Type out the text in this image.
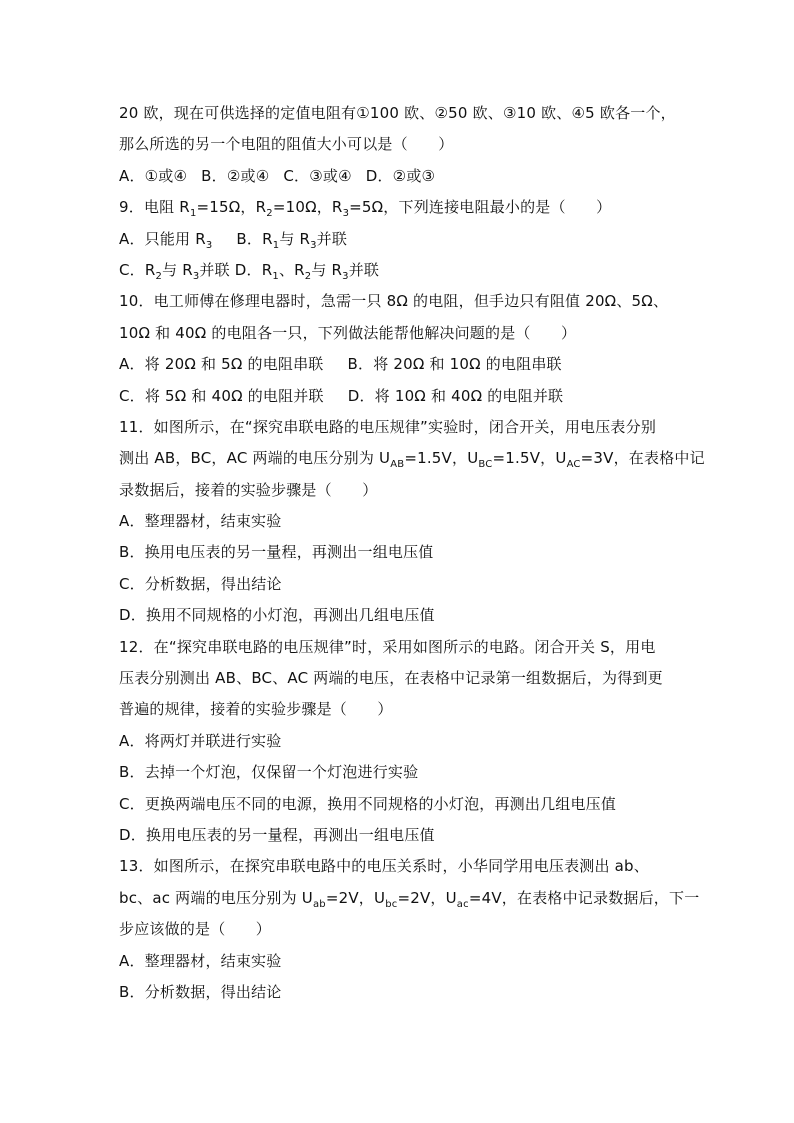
20 欧，现在可供选择的定值电阻有①100 欧、②50 欧、③10 欧、④5 欧各一个，
那么所选的另一个电阻的阻值大小可以是（　　）
A．①或④ B．②或④ C．③或④ D．②或③
9．电阻 $R_1=15\Omega$，$R_2=10\Omega$，$R_3=5\Omega$，下列连接电阻最小的是（　　）
A．只能用 $R_3$ B．$R_1$与 $R_3$并联
C．$R_2$与 $R_3$并联 D．$R_1$、$R_2$与 $R_3$并联
10．电工师傅在修理电器时，急需一只 8Ω 的电阻，但手边只有阻值 20Ω、5Ω、
10Ω 和 40Ω 的电阻各一只，下列做法能帮他解决问题的是（　　）
A．将 20Ω 和 5Ω 的电阻串联 B．将 20Ω 和 10Ω 的电阻串联
C．将 5Ω 和 40Ω 的电阻并联 D．将 10Ω 和 40Ω 的电阻并联
11．如图所示，在“探究串联电路的电压规律”实验时，闭合开关，用电压表分别
测出 AB，BC，AC 两端的电压分别为 $U_{AB}=1.5V$，$U_{BC}=1.5V$，$U_{AC}=3V$，在表格中记
录数据后，接着的实验步骤是（　　）
A．整理器材，结束实验
B．换用电压表的另一量程，再测出一组电压值
C．分析数据，得出结论
D．换用不同规格的小灯泡，再测出几组电压值
12．在“探究串联电路的电压规律”时，采用如图所示的电路。闭合开关 S，用电
压表分别测出 AB、BC、AC 两端的电压，在表格中记录第一组数据后，为得到更
普遍的规律，接着的实验步骤是（　　）
A．将两灯并联进行实验
B．去掉一个灯泡，仅保留一个灯泡进行实验
C．更换两端电压不同的电源，换用不同规格的小灯泡，再测出几组电压值
D．换用电压表的另一量程，再测出一组电压值
13．如图所示，在探究串联电路中的电压关系时，小华同学用电压表测出 ab、
bc、ac 两端的电压分别为 $U_{ab}=2V$，$U_{bc}=2V$，$U_{ac}=4V$，在表格中记录数据后，下一
步应该做的是（　　）
A．整理器材，结束实验
B．分析数据，得出结论
